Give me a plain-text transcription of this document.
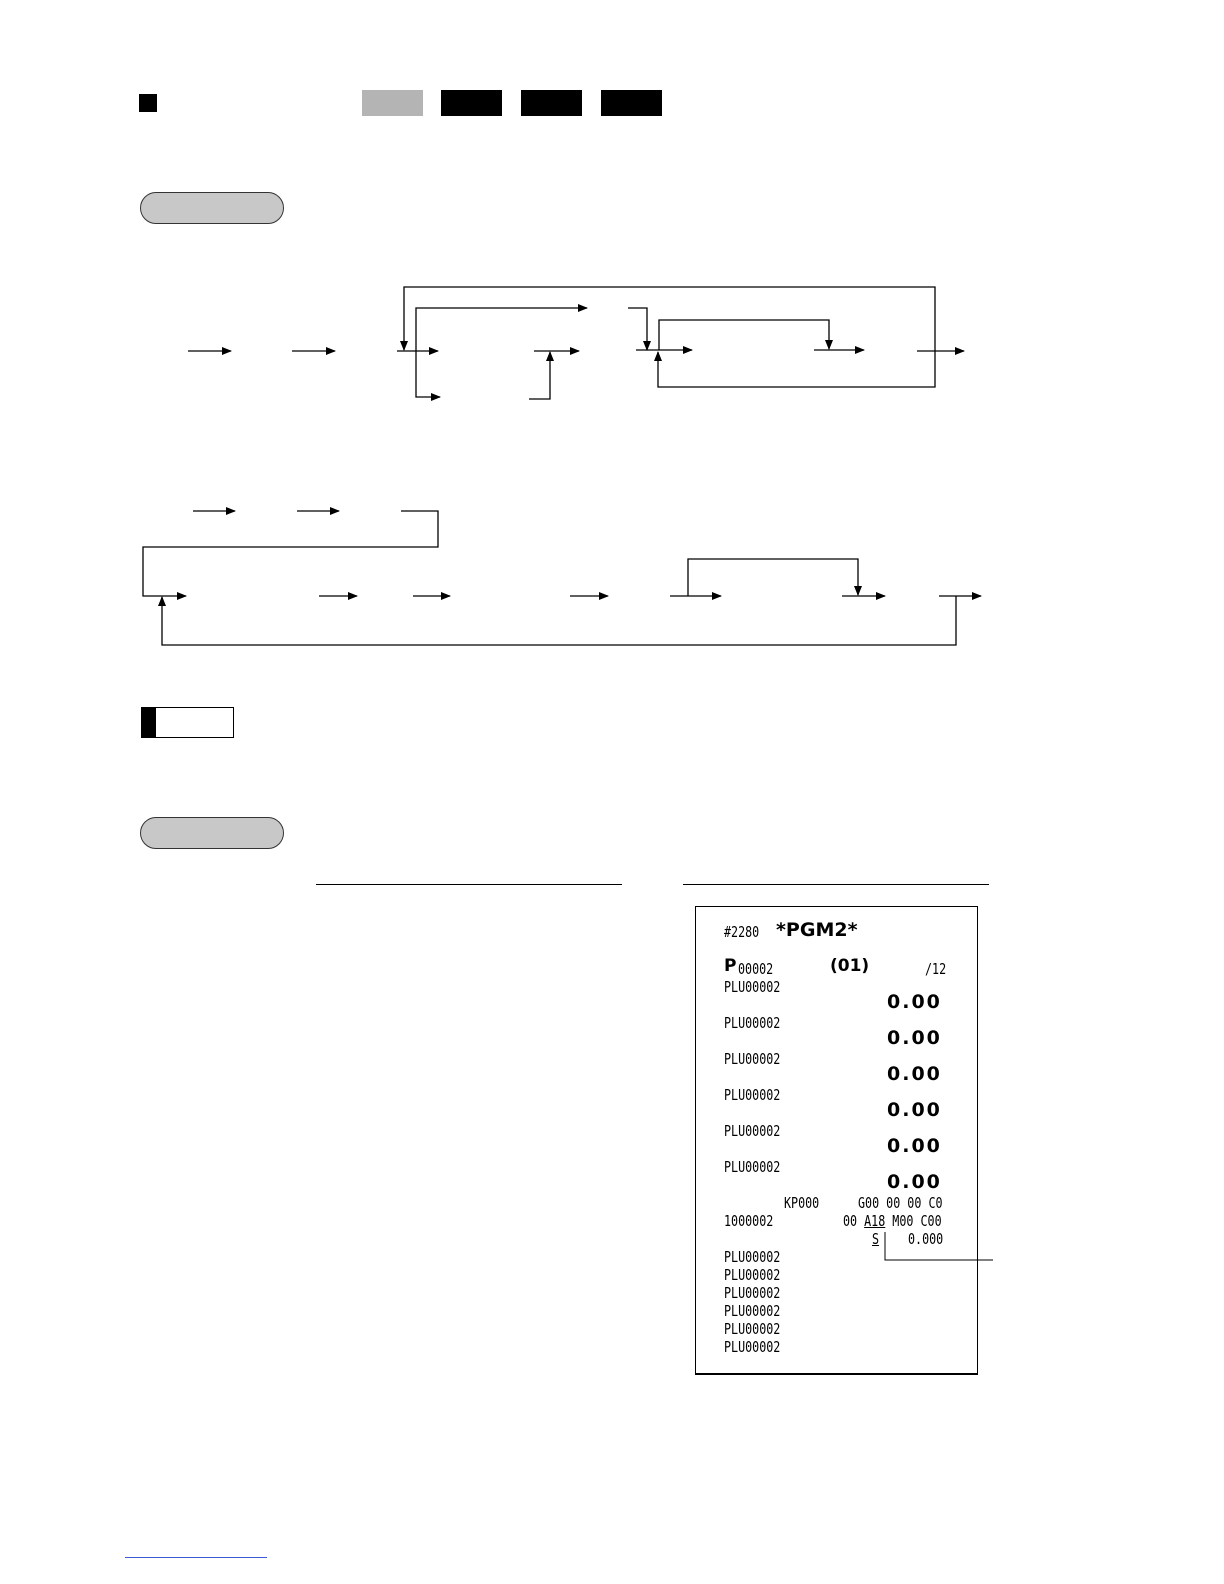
#2280 *PGM2*
P 00002	(01)	/12
PLU00002
0.00
PLU00002
0.00
PLU00002
0.00
PLU00002
0.00
PLU00002
0.00
PLU00002
0.00
KP000	G00 00 00 C0
1000002	00 A18 M00 C00
S 0.000
PLU00002
PLU00002
PLU00002
PLU00002
PLU00002
PLU00002
